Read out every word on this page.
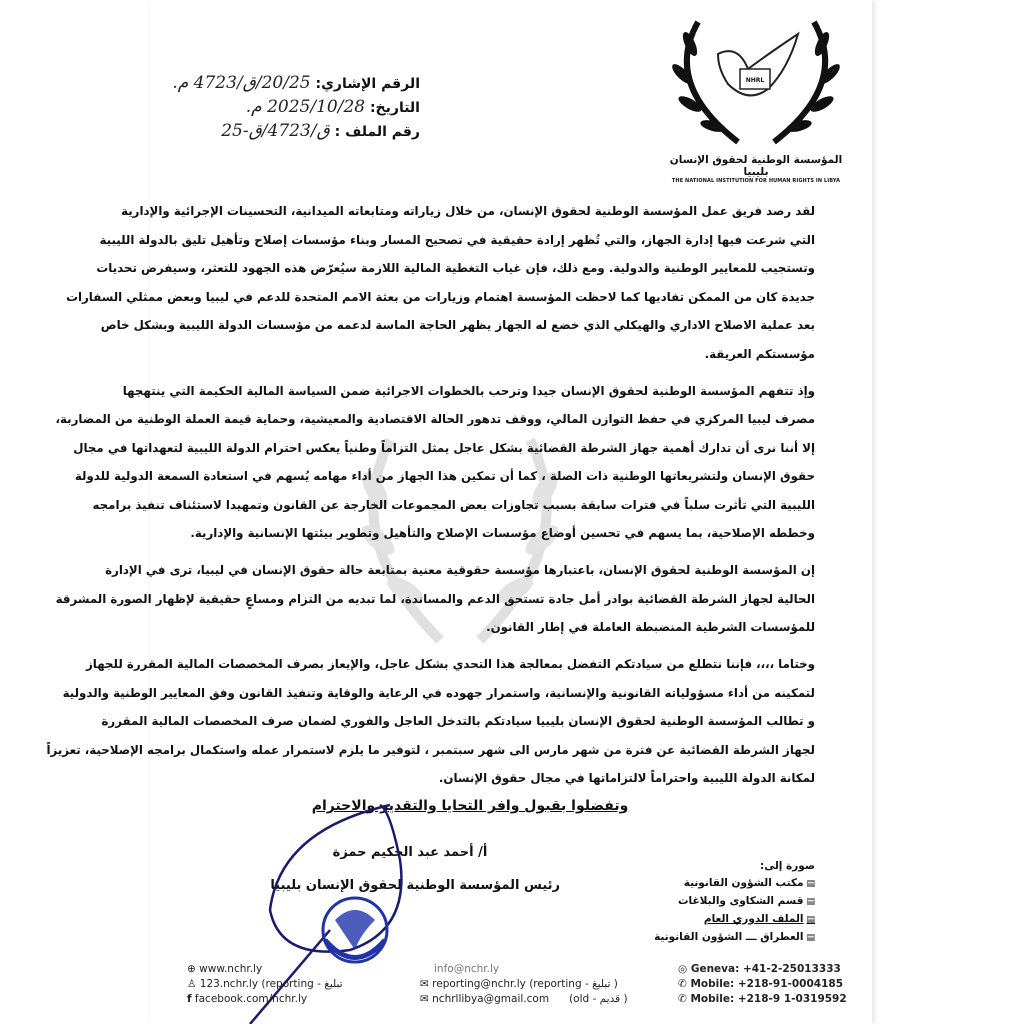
الرقم الإشاري: 20/25/ق/4723 م.
التاريخ: 2025/10/28 م.
رقم الملف : ق/4723/ق-25
NHRL
المؤسسة الوطنية لحقوق الإنسان بليبيا
THE NATIONAL INSTITUTION FOR HUMAN RIGHTS IN LIBYA
لقد رصد فريق عمل المؤسسة الوطنية لحقوق الإنسان، من خلال زياراته ومتابعاته الميدانية، التحسينات الإجرائية والإدارية
التي شرعت فيها إدارة الجهاز، والتي تُظهر إرادة حقيقية في تصحيح المسار وبناء مؤسسات إصلاح وتأهيل تليق بالدولة الليبية
وتستجيب للمعايير الوطنية والدولية. ومع ذلك، فإن غياب التغطية المالية اللازمة سيُعرّض هذه الجهود للتعثر، وسيفرض تحديات
جديدة كان من الممكن تفاديها كما لاحظت المؤسسة اهتمام وزيارات من بعثة الامم المتحدة للدعم في ليبيا وبعض ممثلي السفارات
بعد عملية الاصلاح الاداري والهيكلي الذي خضع له الجهاز يظهر الحاجة الماسة لدعمه من مؤسسات الدولة الليبية وبشكل خاص
مؤسستكم العريقة.
وإذ تتفهم المؤسسة الوطنية لحقوق الإنسان جيدا وترحب بالخطوات الاجرائية ضمن السياسة المالية الحكيمة التي ينتهجها
مصرف ليبيا المركزي في حفظ التوازن المالي، ووقف تدهور الحالة الاقتصادية والمعيشية، وحماية قيمة العملة الوطنية من المضاربة،
إلا أننا نرى أن تدارك أهمية جهاز الشرطة القضائية بشكل عاجل يمثل التزاماً وطنياً يعكس احترام الدولة الليبية لتعهداتها في مجال
حقوق الإنسان ولتشريعاتها الوطنية ذات الصلة ، كما أن تمكين هذا الجهاز من أداء مهامه يُسهم في استعادة السمعة الدولية للدولة
الليبية التي تأثرت سلباً في فترات سابقة بسبب تجاوزات بعض المجموعات الخارجة عن القانون وتمهيدا لاستئناف تنفيذ برامجه
وخططه الإصلاحية، بما يسهم في تحسين أوضاع مؤسسات الإصلاح والتأهيل وتطوير بيئتها الإنسانية والإدارية.
إن المؤسسة الوطنية لحقوق الإنسان، باعتبارها مؤسسة حقوقية معنية بمتابعة حالة حقوق الإنسان في ليبيا، ترى في الإدارة
الحالية لجهاز الشرطة القضائية بوادر أمل جادة تستحق الدعم والمساندة، لما تبديه من التزام ومساعٍ حقيقية لإظهار الصورة المشرقة
للمؤسسات الشرطية المنضبطة العاملة في إطار القانون.
وختاما ،،،، فإننا نتطلع من سيادتكم التفضل بمعالجة هذا التحدي بشكل عاجل، والإيعاز بصرف المخصصات المالية المقررة للجهاز
لتمكينه من أداء مسؤولياته القانونية والإنسانية، واستمرار جهوده في الرعاية والوقاية وتنفيذ القانون وفق المعايير الوطنية والدولية
و تطالب المؤسسة الوطنية لحقوق الإنسان بليبيا سيادتكم بالتدخل العاجل والفوري لضمان صرف المخصصات المالية المقررة
لجهاز الشرطة القضائية عن فترة من شهر مارس الى شهر سبتمبر ، لتوفير ما يلزم لاستمرار عمله واستكمال برامجه الإصلاحية، تعزيزاً
لمكانة الدولة الليبية واحتراماً لالتزاماتها في مجال حقوق الإنسان.
وتفضلوا بقبول وافر التحايا والتقدير والاحترام
أ/ أحمد عبد الحكيم حمزة
رئيس المؤسسة الوطنية لحقوق الإنسان بليبيا
صورة إلى:
▤مكتب الشؤون القانونية
▤قسم الشكاوى والبلاغات
▤الملف الدوري العام
▤العطراق ـــ الشؤون القانونية
⊕ www.nchr.ly
♙ 123.nchr.ly (reporting - تبليغ
f facebook.com/nchr.ly
info@nchr.ly
✉ reporting@nchr.ly (reporting - تبليغ )
✉ nchrllibya@gmail.com (old - قديم )
◎ Geneva: +41-2-25013333
✆ Mobile: +218-91-0004185
✆ Mobile: +218-9 1-0319592
